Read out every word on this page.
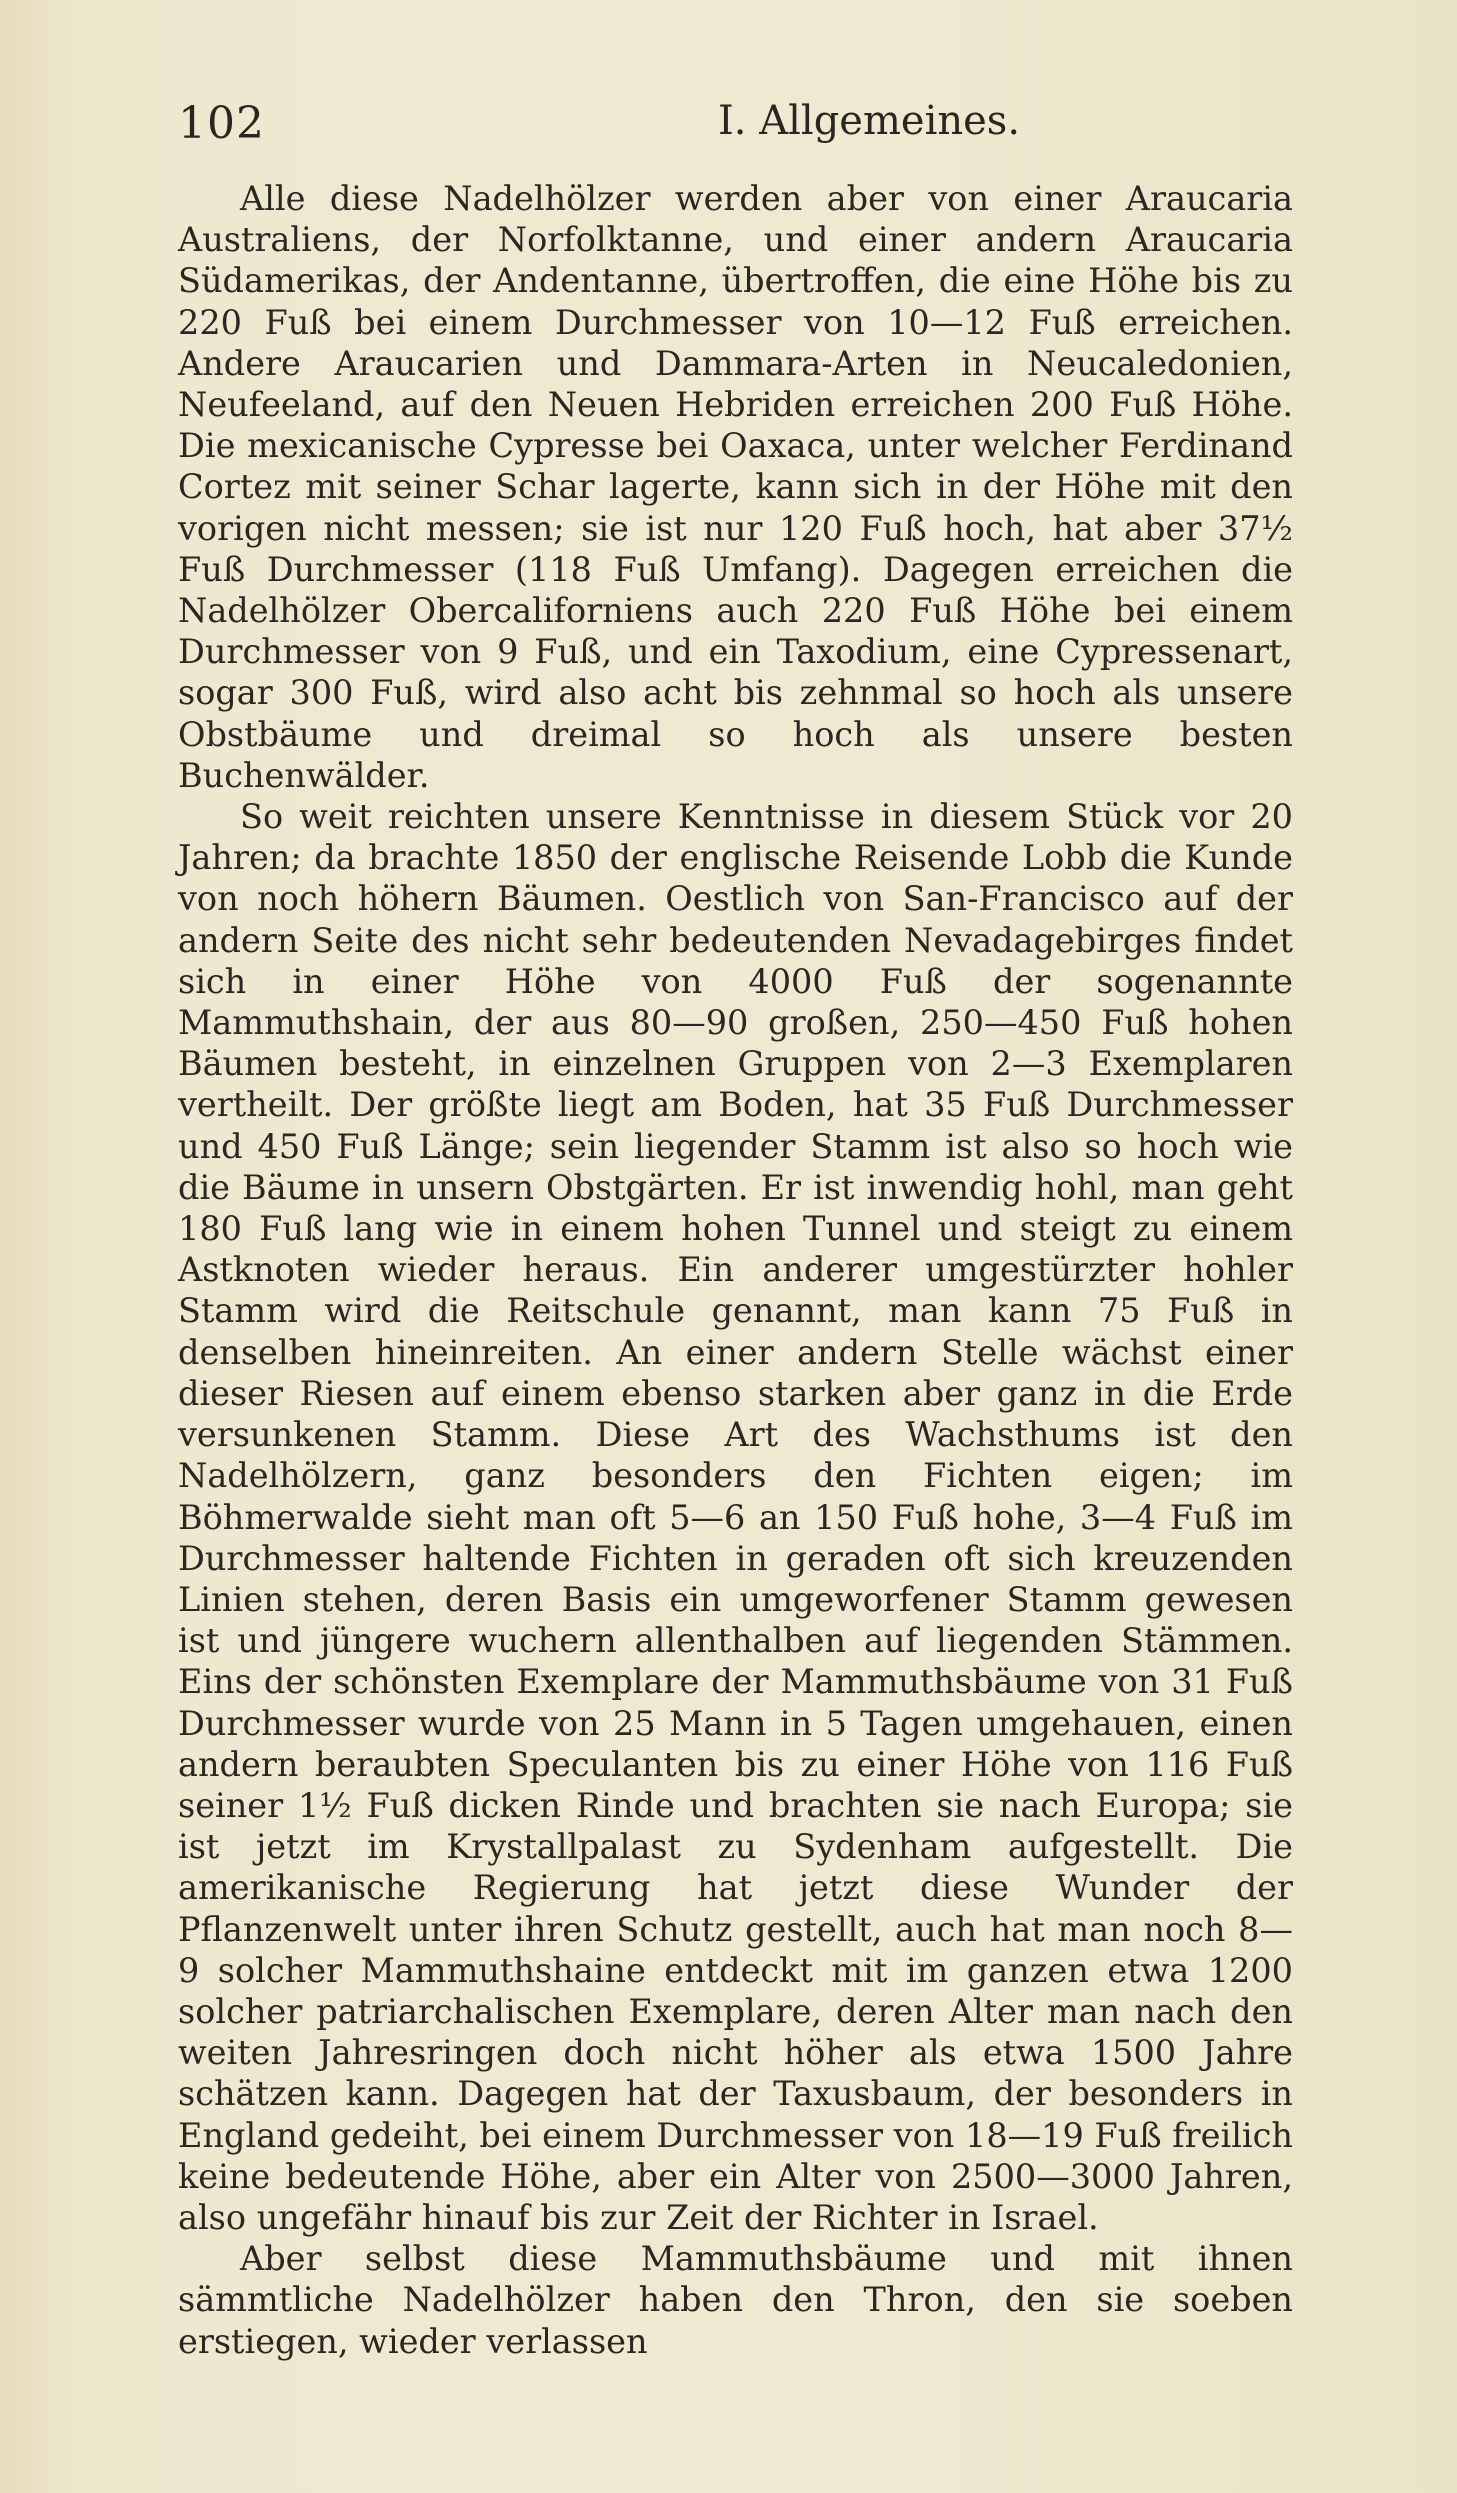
102	I. Allgemeines.

Alle diese Nadelhölzer werden aber von einer Araucaria Australiens, der Norfolktanne, und einer andern Araucaria Südamerikas, der Andentanne, übertroffen, die eine Höhe bis zu 220 Fuß bei einem Durchmesser von 10—12 Fuß erreichen. Andere Araucarien und Dammara-Arten in Neucaledonien, Neufeeland, auf den Neuen Hebriden erreichen 200 Fuß Höhe. Die mexicanische Cypresse bei Oaxaca, unter welcher Ferdinand Cortez mit seiner Schar lagerte, kann sich in der Höhe mit den vorigen nicht messen; sie ist nur 120 Fuß hoch, hat aber 37½ Fuß Durchmesser (118 Fuß Umfang). Dagegen erreichen die Nadelhölzer Obercaliforniens auch 220 Fuß Höhe bei einem Durchmesser von 9 Fuß, und ein Taxodium, eine Cypressenart, sogar 300 Fuß, wird also acht bis zehnmal so hoch als unsere Obstbäume und dreimal so hoch als unsere besten Buchenwälder.

So weit reichten unsere Kenntnisse in diesem Stück vor 20 Jahren; da brachte 1850 der englische Reisende Lobb die Kunde von noch höhern Bäumen. Oestlich von San-Francisco auf der andern Seite des nicht sehr bedeutenden Nevadagebirges findet sich in einer Höhe von 4000 Fuß der sogenannte Mammuthshain, der aus 80—90 großen, 250—450 Fuß hohen Bäumen besteht, in einzelnen Gruppen von 2—3 Exemplaren vertheilt. Der größte liegt am Boden, hat 35 Fuß Durchmesser und 450 Fuß Länge; sein liegender Stamm ist also so hoch wie die Bäume in unsern Obstgärten. Er ist inwendig hohl, man geht 180 Fuß lang wie in einem hohen Tunnel und steigt zu einem Astknoten wieder heraus. Ein anderer umgestürzter hohler Stamm wird die Reitschule genannt, man kann 75 Fuß in denselben hineinreiten. An einer andern Stelle wächst einer dieser Riesen auf einem ebenso starken aber ganz in die Erde versunkenen Stamm. Diese Art des Wachsthums ist den Nadelhölzern, ganz besonders den Fichten eigen; im Böhmerwalde sieht man oft 5—6 an 150 Fuß hohe, 3—4 Fuß im Durchmesser haltende Fichten in geraden oft sich kreuzenden Linien stehen, deren Basis ein umgeworfener Stamm gewesen ist und jüngere wuchern allenthalben auf liegenden Stämmen. Eins der schönsten Exemplare der Mammuthsbäume von 31 Fuß Durchmesser wurde von 25 Mann in 5 Tagen umgehauen, einen andern beraubten Speculanten bis zu einer Höhe von 116 Fuß seiner 1½ Fuß dicken Rinde und brachten sie nach Europa; sie ist jetzt im Krystallpalast zu Sydenham aufgestellt. Die amerikanische Regierung hat jetzt diese Wunder der Pflanzenwelt unter ihren Schutz gestellt, auch hat man noch 8—9 solcher Mammuthshaine entdeckt mit im ganzen etwa 1200 solcher patriarchalischen Exemplare, deren Alter man nach den weiten Jahresringen doch nicht höher als etwa 1500 Jahre schätzen kann. Dagegen hat der Taxusbaum, der besonders in England gedeiht, bei einem Durchmesser von 18—19 Fuß freilich keine bedeutende Höhe, aber ein Alter von 2500—3000 Jahren, also ungefähr hinauf bis zur Zeit der Richter in Israel.

Aber selbst diese Mammuthsbäume und mit ihnen sämmtliche Nadelhölzer haben den Thron, den sie soeben erstiegen, wieder verlassen
